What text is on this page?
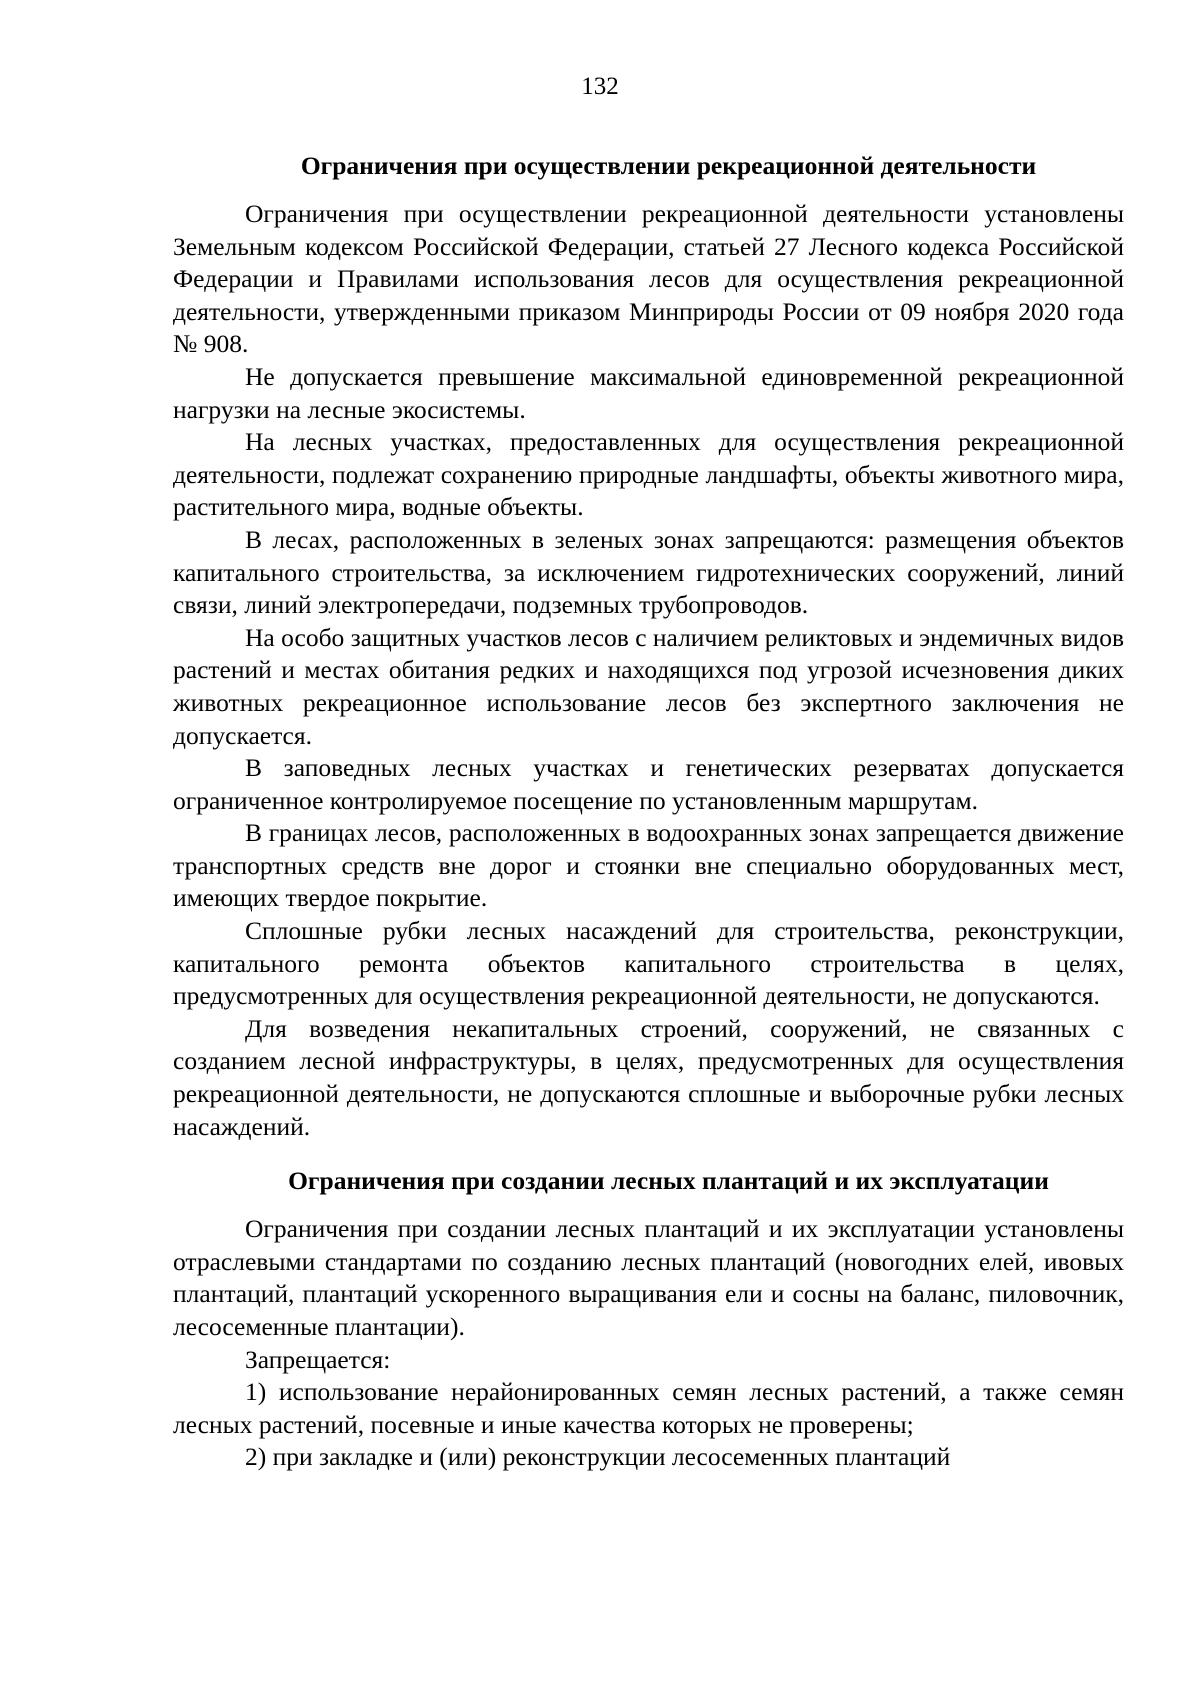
132
Ограничения при осуществлении рекреационной деятельности

Ограничения при осуществлении рекреационной деятельности установлены Земельным кодексом Российской Федерации, статьей 27 Лесного кодекса Российской Федерации и Правилами использования лесов для осуществления рекреационной деятельности, утвержденными приказом Минприроды России от 09 ноября 2020 года № 908.

Не допускается превышение максимальной единовременной рекреационной нагрузки на лесные экосистемы.

На лесных участках, предоставленных для осуществления рекреационной деятельности, подлежат сохранению природные ландшафты, объекты животного мира, растительного мира, водные объекты.

В лесах, расположенных в зеленых зонах запрещаются: размещения объектов капитального строительства, за исключением гидротехнических сооружений, линий связи, линий электропередачи, подземных трубопроводов.

На особо защитных участков лесов с наличием реликтовых и эндемичных видов растений и местах обитания редких и находящихся под угрозой исчезновения диких животных рекреационное использование лесов без экспертного заключения не допускается.

В заповедных лесных участках и генетических резерватах допускается ограниченное контролируемое посещение по установленным маршрутам.

В границах лесов, расположенных в водоохранных зонах запрещается движение транспортных средств вне дорог и стоянки вне специально оборудованных мест, имеющих твердое покрытие.

Сплошные рубки лесных насаждений для строительства, реконструкции, капитального ремонта объектов капитального строительства в целях, предусмотренных для осуществления рекреационной деятельности, не допускаются.

Для возведения некапитальных строений, сооружений, не связанных с созданием лесной инфраструктуры, в целях, предусмотренных для осуществления рекреационной деятельности, не допускаются сплошные и выборочные рубки лесных насаждений.

Ограничения при создании лесных плантаций и их эксплуатации

Ограничения при создании лесных плантаций и их эксплуатации установлены отраслевыми стандартами по созданию лесных плантаций (новогодних елей, ивовых плантаций, плантаций ускоренного выращивания ели и сосны на баланс, пиловочник, лесосеменные плантации).

Запрещается:

1) использование нерайонированных семян лесных растений, а также семян лесных растений, посевные и иные качества которых не проверены;

2) при закладке и (или) реконструкции лесосеменных плантаций
